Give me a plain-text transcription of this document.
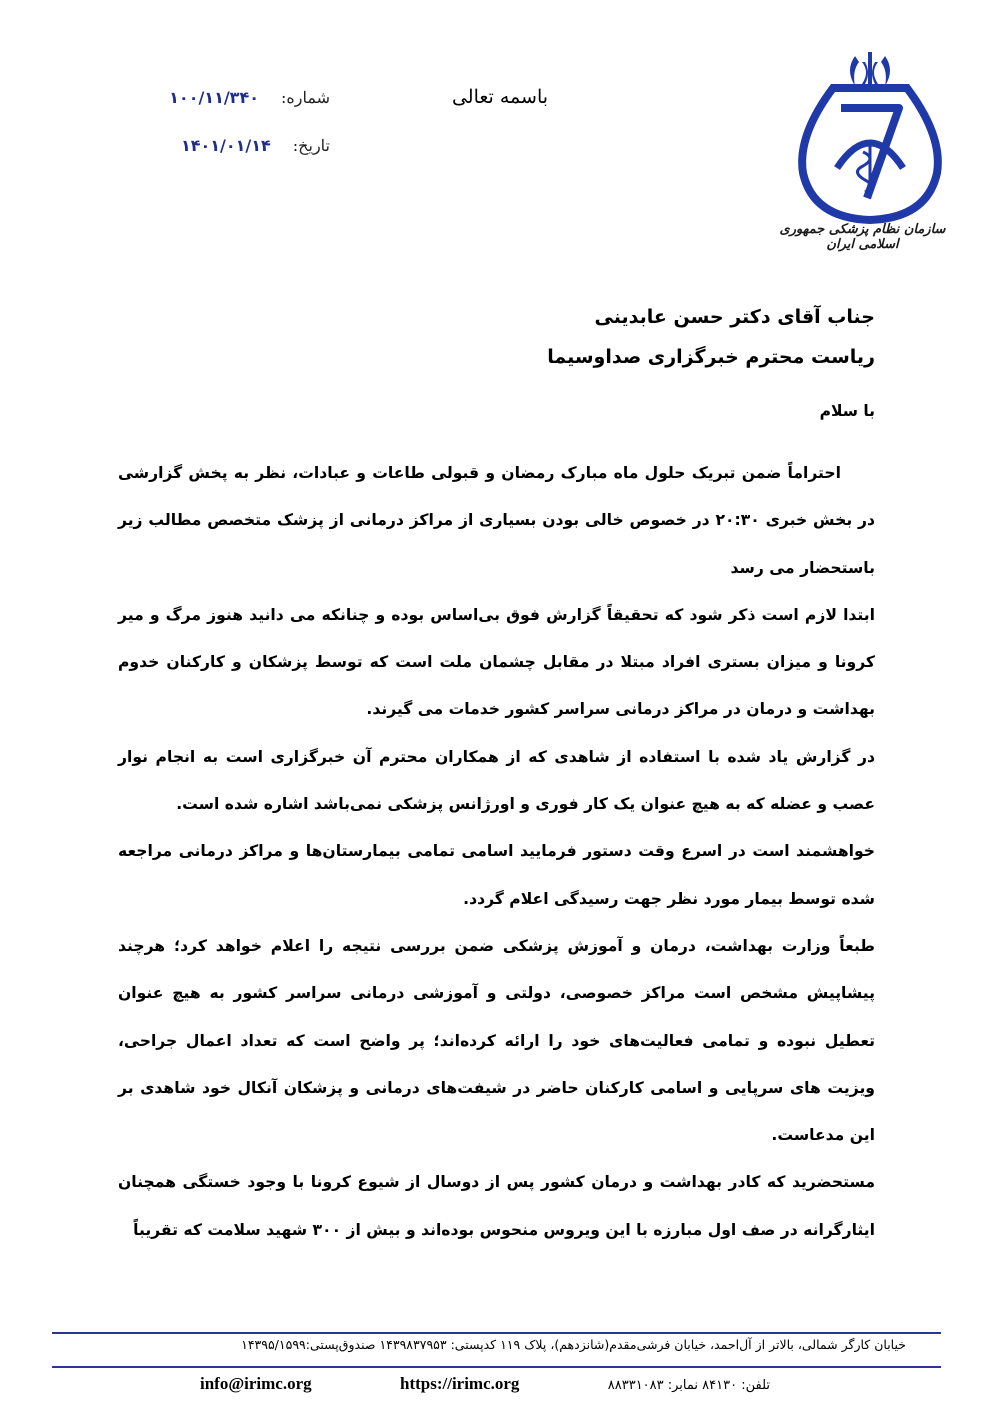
باسمه تعالی
شماره:
۱۰۰/۱۱/۳۴۰
تاریخ:
۱۴۰۱/۰۱/۱۴
سازمان نظام پزشکی جمهوری اسلامی ایران
جناب آقای دکتر حسن عابدینی
ریاست محترم خبرگزاری صداوسیما
با سلام

احتراماً ضمن تبریک حلول ماه مبارک رمضان و قبولی طاعات و عبادات، نظر به پخش گزارشی در بخش خبری ۲۰:۳۰ در خصوص خالی بودن بسیاری از مراکز درمانی از پزشک متخصص مطالب زیر باستحضار می رسد

ابتدا لازم است ذکر شود که تحقیقاً گزارش فوق بی‌اساس بوده و چنانکه می دانید هنوز مرگ و میر کرونا و میزان بستری افراد مبتلا در مقابل چشمان ملت است که توسط پزشکان و کارکنان خدوم بهداشت و درمان در مراکز درمانی سراسر کشور خدمات می گیرند.

در گزارش یاد شده با استفاده از شاهدی که از همکاران محترم آن خبرگزاری است به انجام نوار عصب و عضله که به هیچ عنوان یک کار فوری و اورژانس پزشکی نمی‌باشد اشاره شده است.

خواهشمند است در اسرع وقت دستور فرمایید اسامی تمامی بیمارستان‌ها و مراکز درمانی مراجعه شده توسط بیمار مورد نظر جهت رسیدگی اعلام گردد.

طبعاً وزارت بهداشت، درمان و آموزش پزشکی ضمن بررسی نتیجه را اعلام خواهد کرد؛ هرچند پیشاپیش مشخص است مراکز خصوصی، دولتی و آموزشی درمانی سراسر کشور به هیچ عنوان تعطیل نبوده و تمامی فعالیت‌های خود را ارائه کرده‌اند؛ پر واضح است که تعداد اعمال جراحی، ویزیت های سرپایی و اسامی کارکنان حاضر در شیفت‌های درمانی و پزشکان آنکال خود شاهدی بر این مدعاست.

مستحضرید که کادر بهداشت و درمان کشور پس از دوسال از شیوع کرونا با وجود خستگی همچنان ایثارگرانه در صف اول مبارزه با این ویروس منحوس بوده‌اند و بیش از ۳۰۰ شهید سلامت که تقریباً

خیابان کارگر شمالی، بالاتر از آل‌احمد، خیابان فرشی‌مقدم(شانزدهم)، پلاک ۱۱۹ کدپستی: ۱۴۳۹۸۳۷۹۵۳ صندوق‌پستی:۱۴۳۹۵/۱۵۹۹
info@irimc.org	https://irimc.org	تلفن: ۸۴۱۳۰ نمابر: ۸۸۳۳۱۰۸۳
